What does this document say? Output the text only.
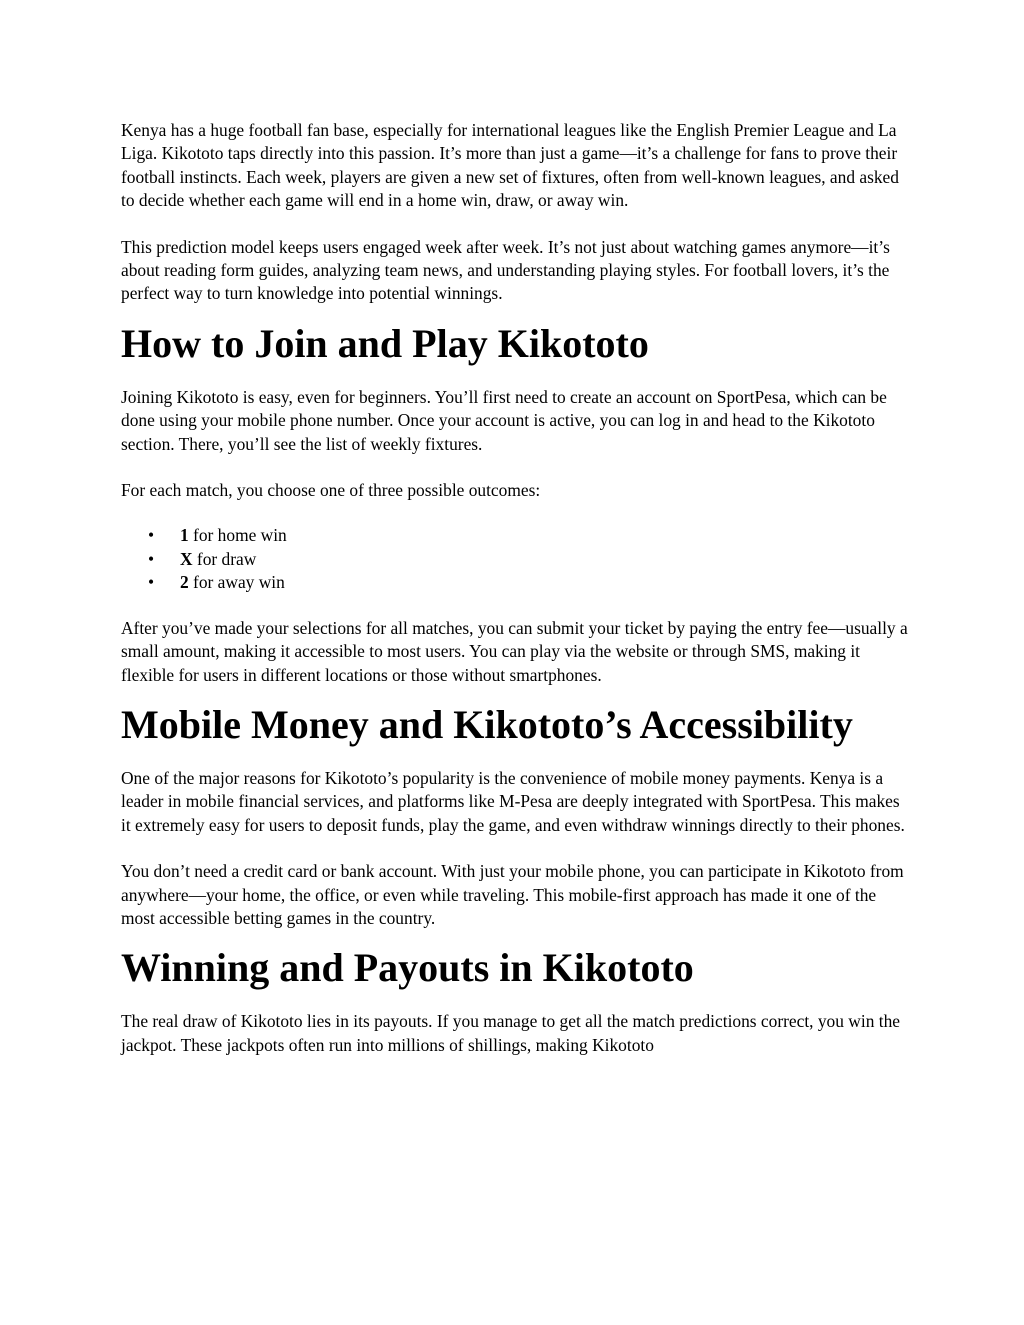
Kenya has a huge football fan base, especially for international leagues like the English Premier League and La Liga. Kikototo taps directly into this passion. It’s more than just a game—it’s a challenge for fans to prove their football instincts. Each week, players are given a new set of fixtures, often from well-known leagues, and asked to decide whether each game will end in a home win, draw, or away win.

This prediction model keeps users engaged week after week. It’s not just about watching games anymore—it’s about reading form guides, analyzing team news, and understanding playing styles. For football lovers, it’s the perfect way to turn knowledge into potential winnings.

How to Join and Play Kikototo

Joining Kikototo is easy, even for beginners. You’ll first need to create an account on SportPesa, which can be done using your mobile phone number. Once your account is active, you can log in and head to the Kikototo section. There, you’ll see the list of weekly fixtures.

For each match, you choose one of three possible outcomes:

• 1 for home win
• X for draw
• 2 for away win

After you’ve made your selections for all matches, you can submit your ticket by paying the entry fee—usually a small amount, making it accessible to most users. You can play via the website or through SMS, making it flexible for users in different locations or those without smartphones.

Mobile Money and Kikototo’s Accessibility

One of the major reasons for Kikototo’s popularity is the convenience of mobile money payments. Kenya is a leader in mobile financial services, and platforms like M-Pesa are deeply integrated with SportPesa. This makes it extremely easy for users to deposit funds, play the game, and even withdraw winnings directly to their phones.

You don’t need a credit card or bank account. With just your mobile phone, you can participate in Kikototo from anywhere—your home, the office, or even while traveling. This mobile-first approach has made it one of the most accessible betting games in the country.

Winning and Payouts in Kikototo

The real draw of Kikototo lies in its payouts. If you manage to get all the match predictions correct, you win the jackpot. These jackpots often run into millions of shillings, making Kikototo
